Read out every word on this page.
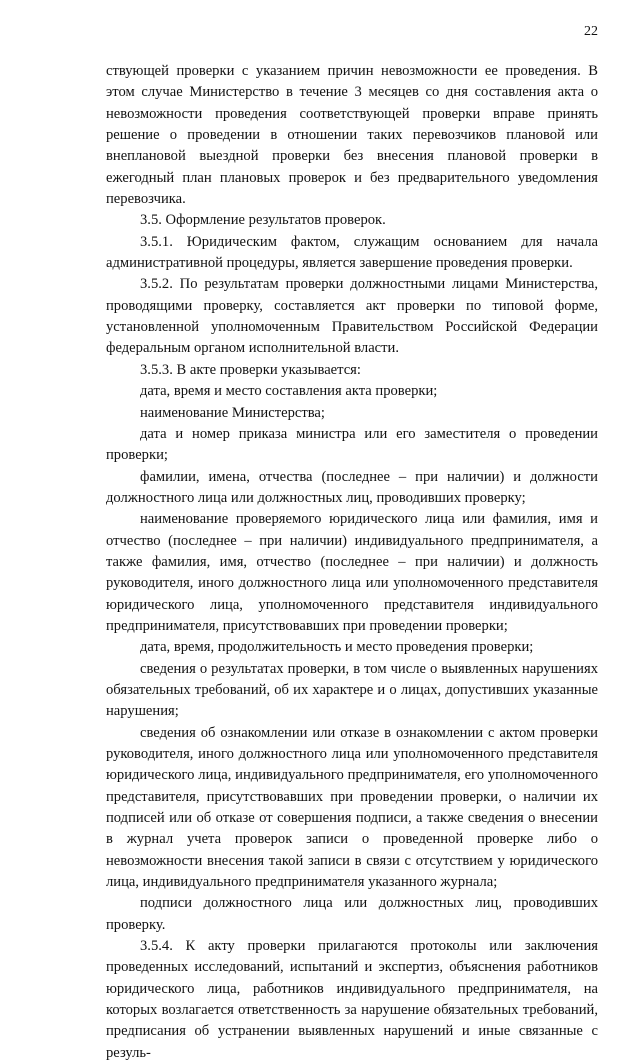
22

ствующей проверки с указанием причин невозможности ее проведения. В этом случае Министерство в течение 3 месяцев со дня составления акта о невозможности проведения соответствующей проверки вправе принять решение о проведении в отношении таких перевозчиков плановой или внеплановой выездной проверки без внесения плановой проверки в ежегодный план плановых проверок и без предварительного уведомления перевозчика.

3.5. Оформление результатов проверок.

3.5.1. Юридическим фактом, служащим основанием для начала административной процедуры, является завершение проведения проверки.

3.5.2. По результатам проверки должностными лицами Министерства, проводящими проверку, составляется акт проверки по типовой форме, установленной уполномоченным Правительством Российской Федерации федеральным органом исполнительной власти.

3.5.3. В акте проверки указывается:

дата, время и место составления акта проверки;

наименование Министерства;

дата и номер приказа министра или его заместителя о проведении проверки;

фамилии, имена, отчества (последнее – при наличии) и должности должностного лица или должностных лиц, проводивших проверку;

наименование проверяемого юридического лица или фамилия, имя и отчество (последнее – при наличии) индивидуального предпринимателя, а также фамилия, имя, отчество (последнее – при наличии) и должность руководителя, иного должностного лица или уполномоченного представителя юридического лица, уполномоченного представителя индивидуального предпринимателя, присутствовавших при проведении проверки;

дата, время, продолжительность и место проведения проверки;

сведения о результатах проверки, в том числе о выявленных нарушениях обязательных требований, об их характере и о лицах, допустивших указанные нарушения;

сведения об ознакомлении или отказе в ознакомлении с актом проверки руководителя, иного должностного лица или уполномоченного представителя юридического лица, индивидуального предпринимателя, его уполномоченного представителя, присутствовавших при проведении проверки, о наличии их подписей или об отказе от совершения подписи, а также сведения о внесении в журнал учета проверок записи о проведенной проверке либо о невозможности внесения такой записи в связи с отсутствием у юридического лица, индивидуального предпринимателя указанного журнала;

подписи должностного лица или должностных лиц, проводивших проверку.

3.5.4. К акту проверки прилагаются протоколы или заключения проведенных исследований, испытаний и экспертиз, объяснения работников юридического лица, работников индивидуального предпринимателя, на которых возлагается ответственность за нарушение обязательных требований, предписания об устранении выявленных нарушений и иные связанные с резуль-
